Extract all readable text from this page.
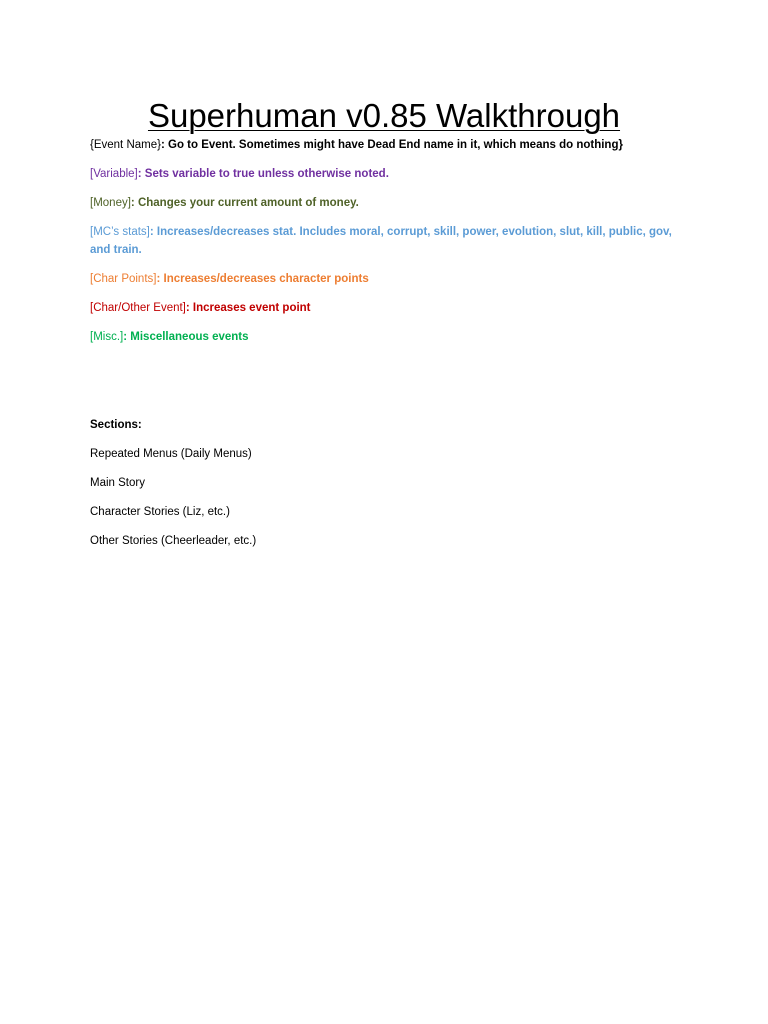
Superhuman v0.85 Walkthrough
{Event Name}: Go to Event. Sometimes might have Dead End name in it, which means do nothing}
[Variable]: Sets variable to true unless otherwise noted.
[Money]: Changes your current amount of money.
[MC’s stats]: Increases/decreases stat. Includes moral, corrupt, skill, power, evolution, slut, kill, public, gov, and train.
[Char Points]: Increases/decreases character points
[Char/Other Event]: Increases event point
[Misc.]: Miscellaneous events
Sections:
Repeated Menus (Daily Menus)
Main Story
Character Stories (Liz, etc.)
Other Stories (Cheerleader, etc.)
